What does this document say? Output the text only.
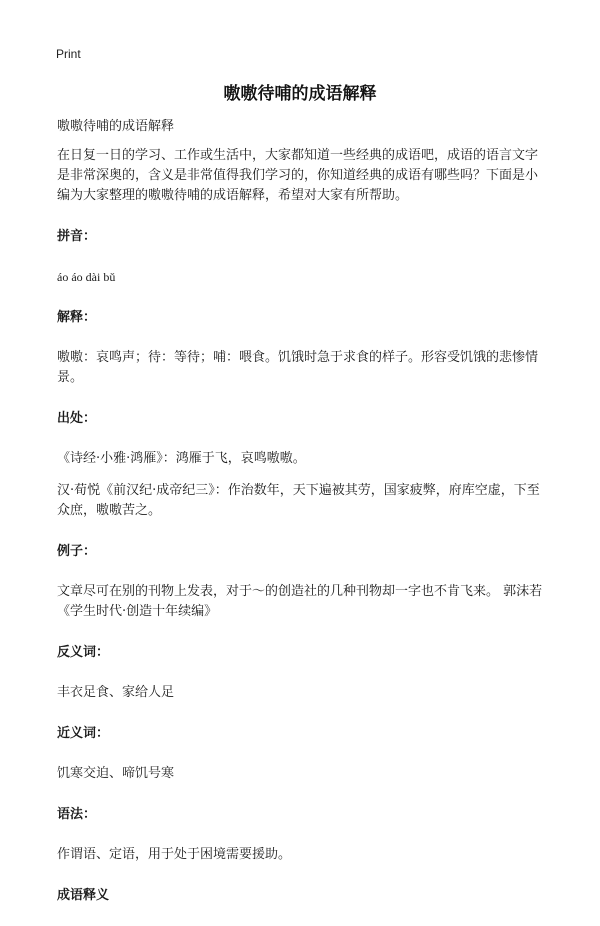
Print
嗷嗷待哺的成语解释

嗷嗷待哺的成语解释

在日复一日的学习、工作或生活中，大家都知道一些经典的成语吧，成语的语言文字是非常深奥的，含义是非常值得我们学习的，你知道经典的成语有哪些吗？下面是小编为大家整理的嗷嗷待哺的成语解释，希望对大家有所帮助。

拼音：

áo áo dài bǔ

解释：

嗷嗷：哀鸣声；待：等待；哺：喂食。饥饿时急于求食的样子。形容受饥饿的悲惨情景。

出处：

《诗经·小雅·鸿雁》：鸿雁于飞，哀鸣嗷嗷。

汉·荀悦《前汉纪·成帝纪三》：作治数年，天下遍被其劳，国家疲弊，府库空虚，下至众庶，嗷嗷苦之。

例子：

文章尽可在别的刊物上发表，对于～的创造社的几种刊物却一字也不肯飞来。 郭沫若《学生时代·创造十年续编》

反义词：

丰衣足食、家给人足

近义词：

饥寒交迫、啼饥号寒

语法：

作谓语、定语，用于处于困境需要援助。

成语释义
